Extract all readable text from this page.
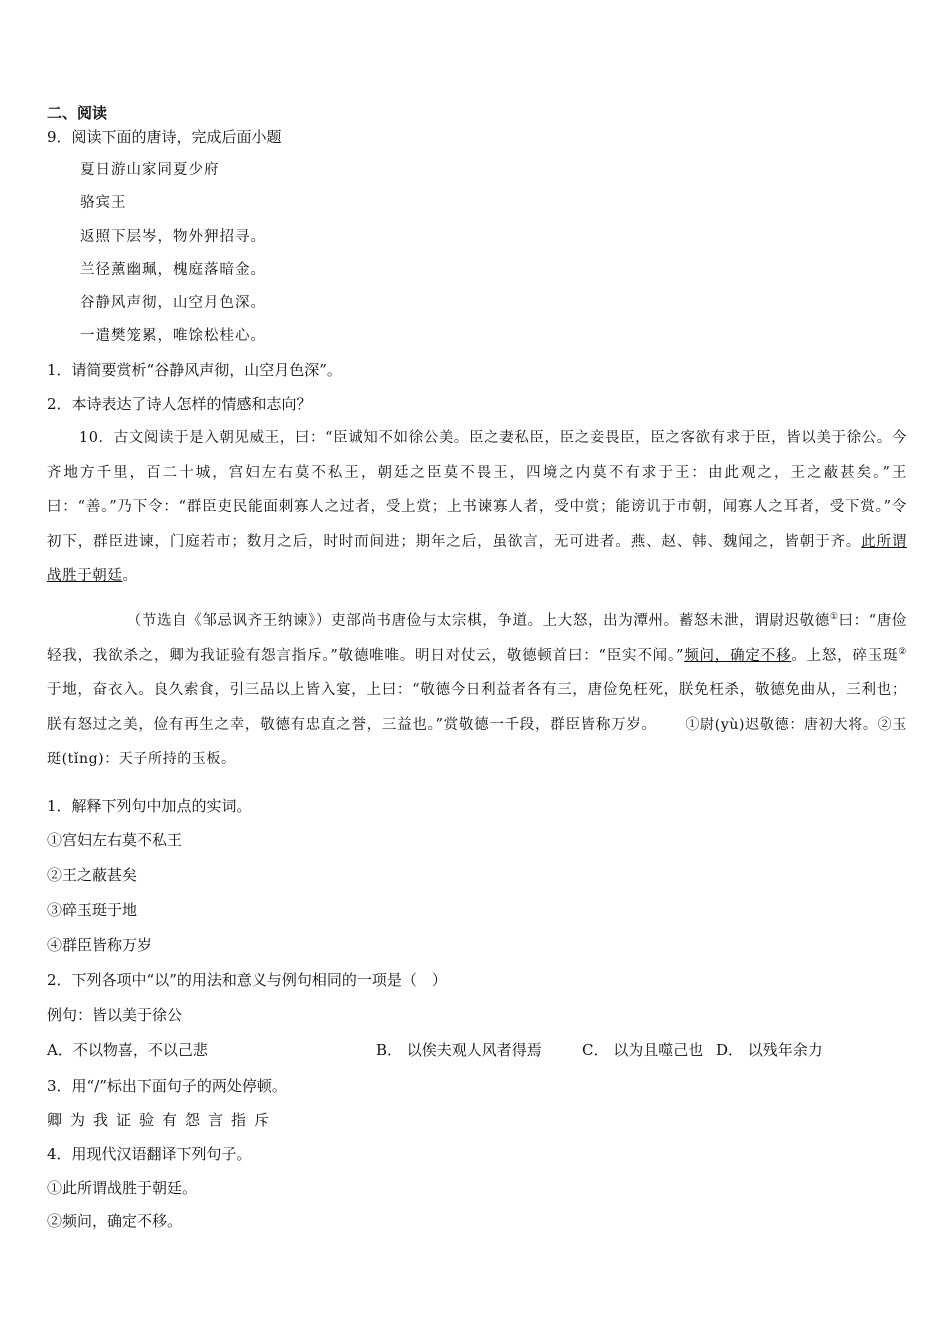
二、阅读
9．阅读下面的唐诗，完成后面小题
夏日游山家同夏少府
骆宾王
返照下层岑，物外狎招寻。
兰径薰幽珮，槐庭落暗金。
谷静风声彻，山空月色深。
一遣樊笼累，唯馀松桂心。
1．请简要赏析“谷静风声彻，山空月色深”。
2．本诗表达了诗人怎样的情感和志向？
10．古文阅读于是入朝见威王，曰：“臣诚知不如徐公美。臣之妻私臣，臣之妾畏臣，臣之客欲有求于臣，皆以美于徐公。今齐地方千里，百二十城，宫妇左右莫不私王，朝廷之臣莫不畏王，四境之内莫不有求于王：由此观之，王之蔽甚矣。”王曰：“善。”乃下令：“群臣吏民能面刺寡人之过者，受上赏；上书谏寡人者，受中赏；能谤讥于市朝，闻寡人之耳者，受下赏。”令初下，群臣进谏，门庭若市；数月之后，时时而间进；期年之后，虽欲言，无可进者。燕、赵、韩、魏闻之，皆朝于齐。此所谓战胜于朝廷。
（节选自《邹忌讽齐王纳谏》）吏部尚书唐俭与太宗棋，争道。上大怒，出为潭州。蓄怒未泄，谓尉迟敬德①曰：“唐俭轻我，我欲杀之，卿为我证验有怨言指斥。”敬德唯唯。明日对仗云，敬德顿首曰：“臣实不闻。”频问，确定不移。上怒，碎玉珽②于地，奋衣入。良久索食，引三品以上皆入宴，上曰：“敬德今日利益者各有三，唐俭免枉死，朕免枉杀，敬德免曲从，三利也；朕有怒过之美，俭有再生之幸，敬德有忠直之誉，三益也。”赏敬德一千段，群臣皆称万岁。　　	①尉(yù)迟敬德：唐初大将。②玉珽(tǐng)：天子所持的玉板。
1．解释下列句中加点的实词。
①宫妇左右莫不私王
②王之蔽甚矣
③碎玉珽于地
④群臣皆称万岁
2．下列各项中“以”的用法和意义与例句相同的一项是（　）
例句：皆以美于徐公
A．不以物喜，不以己悲	B． 以俟夫观人风者得焉	C． 以为且噬己也 D． 以残年余力
3．用“/”标出下面句子的两处停顿。
卿为我证验有怨言指斥
4．用现代汉语翻译下列句子。
①此所谓战胜于朝廷。
②频问，确定不移。
